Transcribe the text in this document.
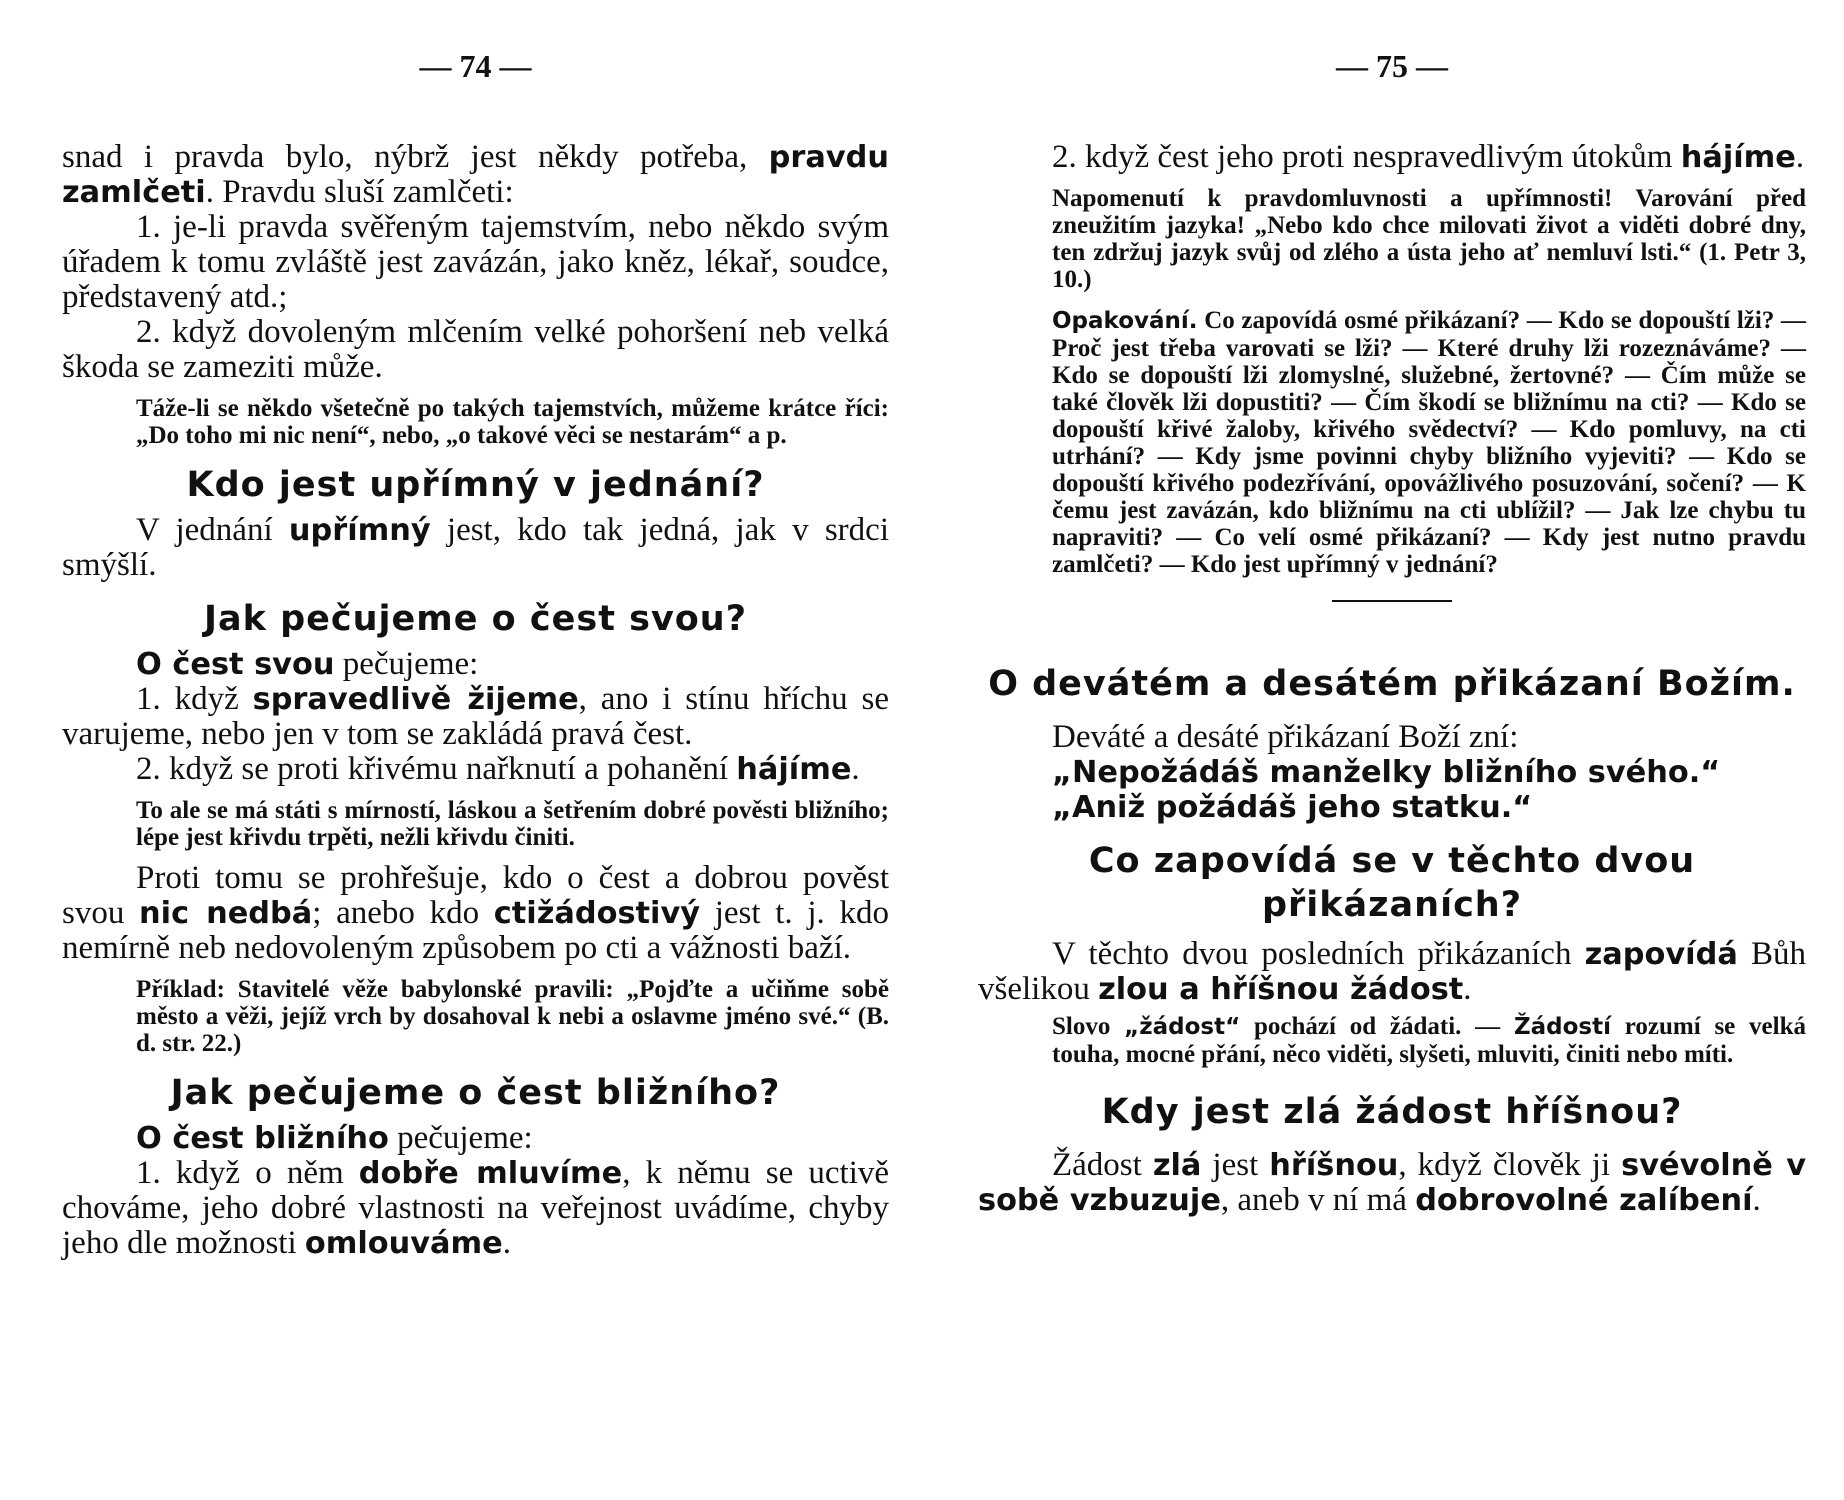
— 74 —

snad i pravda bylo, nýbrž jest někdy potřeba, pravdu zamlčeti. Pravdu sluší zamlčeti:

1. je-li pravda svěřeným tajemstvím, nebo někdo svým úřadem k tomu zvláště jest zavázán, jako kněz, lékař, soudce, představený atd.;

2. když dovoleným mlčením velké pohoršení neb velká škoda se zameziti může.

Táže-li se někdo všetečně po takých tajemstvích, můžeme krátce říci: „Do toho mi nic není“, nebo, „o takové věci se nestarám“ a p.

Kdo jest upřímný v jednání?

V jednání upřímný jest, kdo tak jedná, jak v srdci smýšlí.

Jak pečujeme o čest svou?

O čest svou pečujeme:

1. když spravedlivě žijeme, ano i stínu hříchu se varujeme, nebo jen v tom se zakládá pravá čest.

2. když se proti křivému nařknutí a pohanění hájíme.

To ale se má státi s mírností, láskou a šetřením dobré pověsti bližního; lépe jest křivdu trpěti, nežli křivdu činiti.

Proti tomu se prohřešuje, kdo o čest a dobrou pověst svou nic nedbá; anebo kdo ctižádostivý jest t. j. kdo nemírně neb nedovoleným způsobem po cti a vážnosti baží.

Příklad: Stavitelé věže babylonské pravili: „Pojďte a učiňme sobě město a věži, jejíž vrch by dosahoval k nebi a oslavme jméno své.“ (B. d. str. 22.)

Jak pečujeme o čest bližního?

O čest bližního pečujeme:

1. když o něm dobře mluvíme, k němu se uctivě chováme, jeho dobré vlastnosti na veřejnost uvádíme, chyby jeho dle možnosti omlouváme.

— 75 —

2. když čest jeho proti nespravedlivým útokům hájíme.

Napomenutí k pravdomluvnosti a upřímnosti! Varování před zneužitím jazyka! „Nebo kdo chce milovati život a viděti dobré dny, ten zdržuj jazyk svůj od zlého a ústa jeho ať nemluví lsti.“ (1. Petr 3, 10.)

Opakování. Co zapovídá osmé přikázaní? — Kdo se dopouští lži? — Proč jest třeba varovati se lži? — Které druhy lži rozeznáváme? — Kdo se dopouští lži zlomyslné, služebné, žertovné? — Čím může se také člověk lži dopustiti? — Čím škodí se bližnímu na cti? — Kdo se dopouští křivé žaloby, křivého svědectví? — Kdo pomluvy, na cti utrhání? — Kdy jsme povinni chyby bližního vyjeviti? — Kdo se dopouští křivého podezřívání, opovážlivého posuzování, sočení? — K čemu jest zavázán, kdo bližnímu na cti ublížil? — Jak lze chybu tu napraviti? — Co velí osmé přikázaní? — Kdy jest nutno pravdu zamlčeti? — Kdo jest upřímný v jednání?

O devátém a desátém přikázaní Božím.

Deváté a desáté přikázaní Boží zní:

„Nepožádáš manželky bližního svého.“

„Aniž požádáš jeho statku.“

Co zapovídá se v těchto dvou přikázaních?

V těchto dvou posledních přikázaních zapovídá Bůh všelikou zlou a hříšnou žádost.

Slovo „žádost“ pochází od žádati. — Žádostí rozumí se velká touha, mocné přání, něco viděti, slyšeti, mluviti, činiti nebo míti.

Kdy jest zlá žádost hříšnou?

Žádost zlá jest hříšnou, když člověk ji svévolně v sobě vzbuzuje, aneb v ní má dobrovolné zalíbení.
